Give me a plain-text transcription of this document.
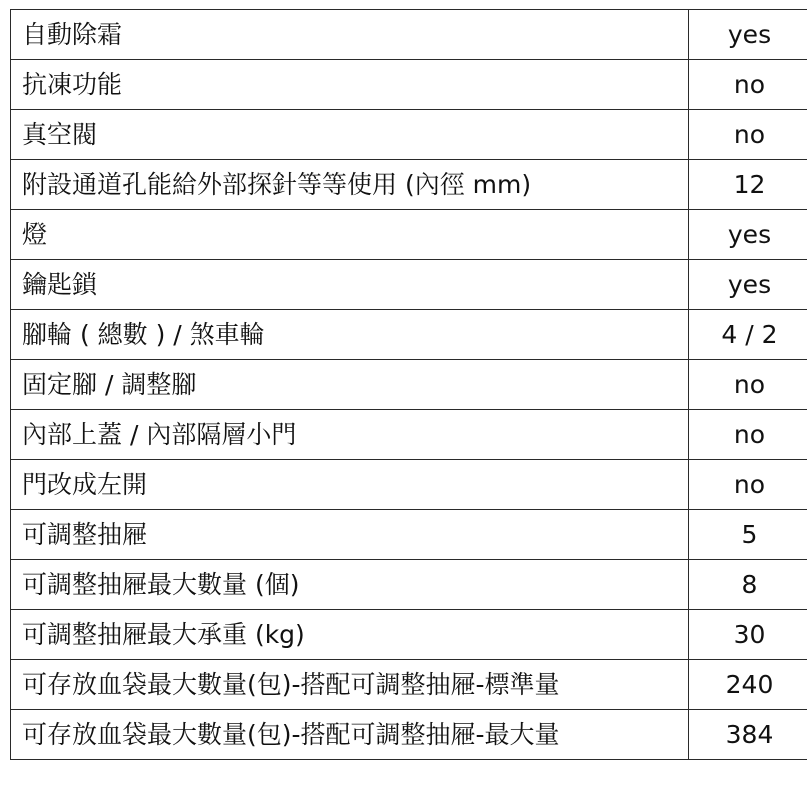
自動除霜	yes
抗凍功能	no
真空閥	no
附設通道孔能給外部探針等等使用 (內徑 mm)	12
燈	yes
鑰匙鎖	yes
腳輪 ( 總數 ) / 煞車輪	4 / 2
固定腳 / 調整腳	no
內部上蓋 / 內部隔層小門	no
門改成左開	no
可調整抽屜	5
可調整抽屜最大數量 (個)	8
可調整抽屜最大承重 (kg)	30
可存放血袋最大數量(包)-搭配可調整抽屜-標準量	240
可存放血袋最大數量(包)-搭配可調整抽屜-最大量	384
